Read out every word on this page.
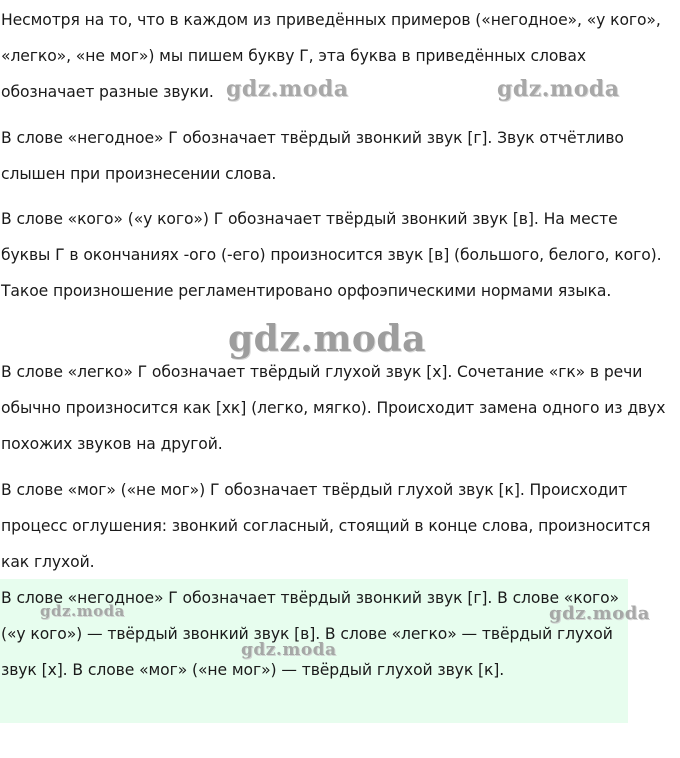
Несмотря на то, что в каждом из приведённых примеров («негодное», «у кого», «легко», «не мог») мы пишем букву Г, эта буква в приведённых словах обозначает разные звуки.

В слове «негодное» Г обозначает твёрдый звонкий звук [г]. Звук отчётливо слышен при произнесении слова.

В слове «кого» («у кого») Г обозначает твёрдый звонкий звук [в]. На месте буквы Г в окончаниях -ого (-его) произносится звук [в] (большого, белого, кого). Такое произношение регламентировано орфоэпическими нормами языка.

В слове «легко» Г обозначает твёрдый глухой звук [х]. Сочетание «гк» в речи обычно произносится как [хк] (легко, мягко). Происходит замена одного из двух похожих звуков на другой.

В слове «мог» («не мог») Г обозначает твёрдый глухой звук [к]. Происходит процесс оглушения: звонкий согласный, стоящий в конце слова, произносится как глухой.

В слове «негодное» Г обозначает твёрдый звонкий звук [г]. В слове «кого» («у кого») — твёрдый звонкий звук [в]. В слове «легко» — твёрдый глухой звук [х]. В слове «мог» («не мог») — твёрдый глухой звук [к].

gdz.moda	gdz.moda
gdz.moda
gdz.moda	gdz.moda
gdz.moda
